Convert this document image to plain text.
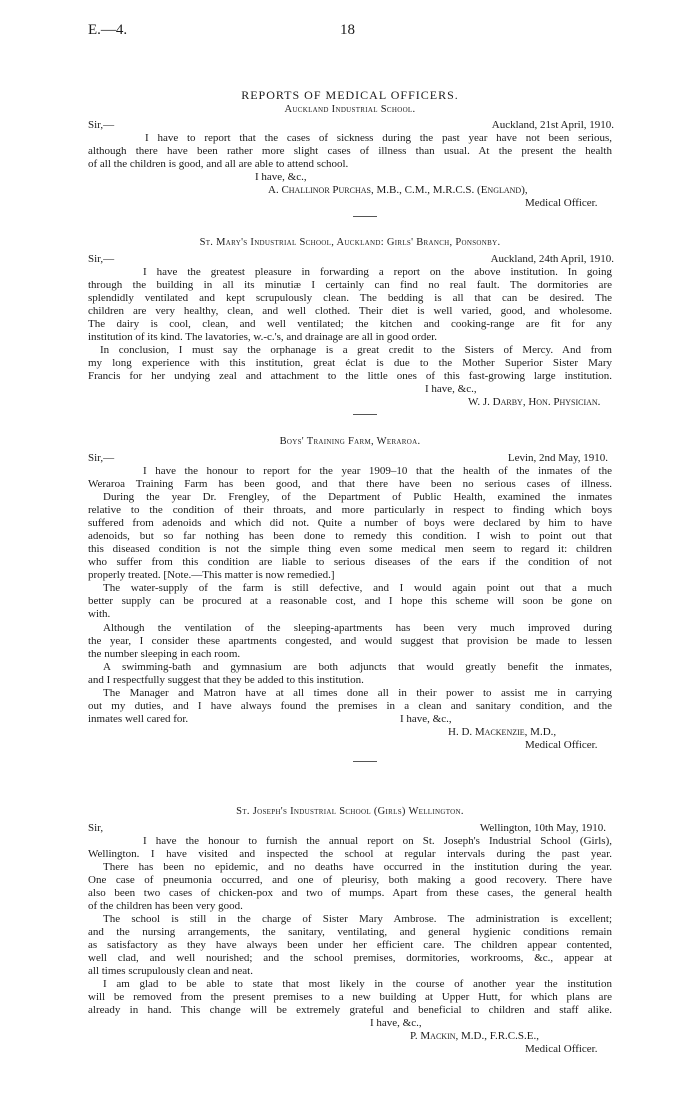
E.—4.	18
REPORTS OF MEDICAL OFFICERS.
Auckland Industrial School.
Sir,—	Auckland, 21st April, 1910.
I have to report that the cases of sickness during the past year have not been serious,
although there have been rather more slight cases of illness than usual. At the present the health
of all the children is good, and all are able to attend school.
I have, &c.,
A. Challinor Purchas, M.B., C.M., M.R.C.S. (England),
Medical Officer.
St. Mary's Industrial School, Auckland: Girls' Branch, Ponsonby.
Sir,—	Auckland, 24th April, 1910.
I have the greatest pleasure in forwarding a report on the above institution. In going
through the building in all its minutiæ I certainly can find no real fault. The dormitories are
splendidly ventilated and kept scrupulously clean. The bedding is all that can be desired. The
children are very healthy, clean, and well clothed. Their diet is well varied, good, and wholesome.
The dairy is cool, clean, and well ventilated; the kitchen and cooking-range are fit for any
institution of its kind. The lavatories, w.-c.'s, and drainage are all in good order.
In conclusion, I must say the orphanage is a great credit to the Sisters of Mercy. And from
my long experience with this institution, great éclat is due to the Mother Superior Sister Mary
Francis for her undying zeal and attachment to the little ones of this fast-growing large institution.
I have, &c.,
W. J. Darby, Hon. Physician.
Boys' Training Farm, Weraroa.
Sir,—	Levin, 2nd May, 1910.
I have the honour to report for the year 1909–10 that the health of the inmates of the
Weraroa Training Farm has been good, and that there have been no serious cases of illness.
During the year Dr. Frengley, of the Department of Public Health, examined the inmates
relative to the condition of their throats, and more particularly in respect to finding which boys
suffered from adenoids and which did not. Quite a number of boys were declared by him to have
adenoids, but so far nothing has been done to remedy this condition. I wish to point out that
this diseased condition is not the simple thing even some medical men seem to regard it: children
who suffer from this condition are liable to serious diseases of the ears if the condition of not
properly treated. [Note.—This matter is now remedied.]
The water-supply of the farm is still defective, and I would again point out that a much
better supply can be procured at a reasonable cost, and I hope this scheme will soon be gone on
with.
Although the ventilation of the sleeping-apartments has been very much improved during
the year, I consider these apartments congested, and would suggest that provision be made to lessen
the number sleeping in each room.
A swimming-bath and gymnasium are both adjuncts that would greatly benefit the inmates,
and I respectfully suggest that they be added to this institution.
The Manager and Matron have at all times done all in their power to assist me in carrying
out my duties, and I have always found the premises in a clean and sanitary condition, and the
inmates well cared for.	I have, &c.,
H. D. Mackenzie, M.D.,
Medical Officer.
St. Joseph's Industrial School (Girls) Wellington.
Sir,	Wellington, 10th May, 1910.
I have the honour to furnish the annual report on St. Joseph's Industrial School (Girls),
Wellington. I have visited and inspected the school at regular intervals during the past year.
There has been no epidemic, and no deaths have occurred in the institution during the year.
One case of pneumonia occurred, and one of pleurisy, both making a good recovery. There have
also been two cases of chicken-pox and two of mumps. Apart from these cases, the general health
of the children has been very good.
The school is still in the charge of Sister Mary Ambrose. The administration is excellent;
and the nursing arrangements, the sanitary, ventilating, and general hygienic conditions remain
as satisfactory as they have always been under her efficient care. The children appear contented,
well clad, and well nourished; and the school premises, dormitories, workrooms, &c., appear at
all times scrupulously clean and neat.
I am glad to be able to state that most likely in the course of another year the institution
will be removed from the present premises to a new building at Upper Hutt, for which plans are
already in hand. This change will be extremely grateful and beneficial to children and staff alike.
I have, &c.,
P. Mackin, M.D., F.R.C.S.E.,
Medical Officer.
